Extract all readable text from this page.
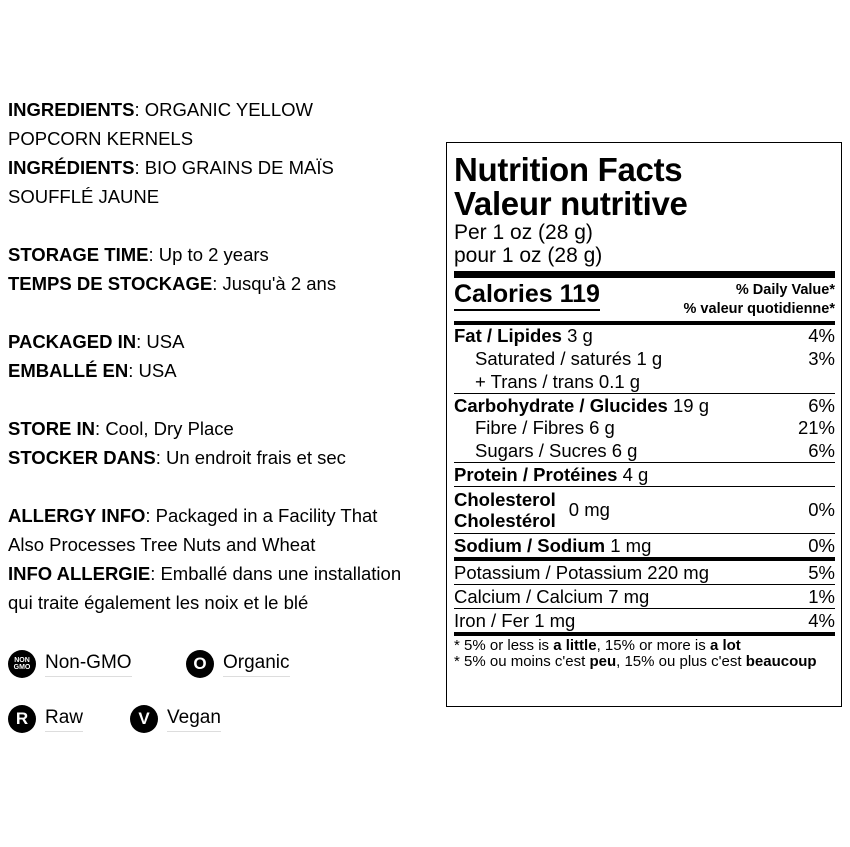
INGREDIENTS: ORGANIC YELLOW
POPCORN KERNELS
INGRÉDIENTS: BIO GRAINS DE MAÏS
SOUFFLÉ JAUNE
STORAGE TIME: Up to 2 years
TEMPS DE STOCKAGE: Jusqu'à 2 ans
PACKAGED IN: USA
EMBALLÉ EN: USA
STORE IN: Cool, Dry Place
STOCKER DANS: Un endroit frais et sec
ALLERGY INFO: Packaged in a Facility That
Also Processes Tree Nuts and Wheat
INFO ALLERGIE: Emballé dans une installation
qui traite également les noix et le blé
NON GMO Non-GMO	O Organic
R Raw	V Vegan
Nutrition Facts
Valeur nutritive
Per 1 oz (28 g)
pour 1 oz (28 g)
Calories 119	% Daily Value*
% valeur quotidienne*
Fat / Lipides 3 g	4%
Saturated / saturés 1 g	3%
+ Trans / trans 0.1 g
Carbohydrate / Glucides 19 g	6%
Fibre / Fibres 6 g	21%
Sugars / Sucres 6 g	6%
Protein / Protéines 4 g
Cholesterol
Cholestérol
0 mg	0%
Sodium / Sodium 1 mg	0%
Potassium / Potassium 220 mg	5%
Calcium / Calcium 7 mg	1%
Iron / Fer 1 mg	4%
* 5% or less is a little, 15% or more is a lot
* 5% ou moins c'est peu, 15% ou plus c'est beaucoup
